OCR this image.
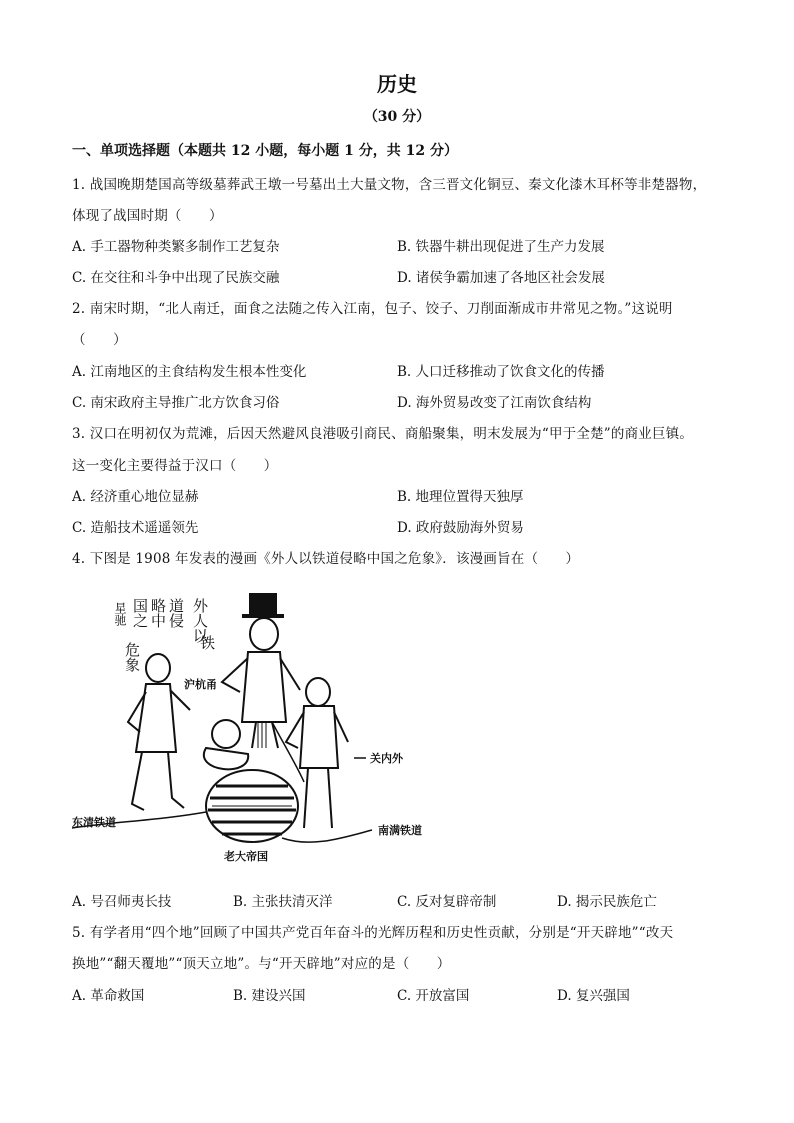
历史
（30 分）
一、单项选择题（本题共 12 小题，每小题 1 分，共 12 分）
1. 战国晚期楚国高等级墓葬武王墩一号墓出土大量文物，含三晋文化铜豆、秦文化漆木耳杯等非楚器物，
体现了战国时期（　　）
A. 手工器物种类繁多制作工艺复杂	B. 铁器牛耕出现促进了生产力发展
C. 在交往和斗争中出现了民族交融	D. 诸侯争霸加速了各地区社会发展
2. 南宋时期，“北人南迁，面食之法随之传入江南，包子、饺子、刀削面渐成市井常见之物。”这说明
（　　）
A. 江南地区的主食结构发生根本性变化	B. 人口迁移推动了饮食文化的传播
C. 南宋政府主导推广北方饮食习俗	D. 海外贸易改变了江南饮食结构
3. 汉口在明初仅为荒滩，后因天然避风良港吸引商民、商船聚集，明末发展为“甲于全楚”的商业巨镇。
这一变化主要得益于汉口（　　）
A. 经济重心地位显赫	B. 地理位置得天独厚
C. 造船技术遥遥领先	D. 政府鼓励海外贸易
4. 下图是 1908 年发表的漫画《外人以铁道侵略中国之危象》．该漫画旨在（　　）
外人以
铁
道侵
略中
国之
危象
星驰
沪杭甬
关内外
东清铁道
南满铁道
老大帝国
A. 号召师夷长技	B. 主张扶清灭洋	C. 反对复辟帝制	D. 揭示民族危亡
5. 有学者用“四个地”回顾了中国共产党百年奋斗的光辉历程和历史性贡献，分别是“开天辟地”“改天
换地”“翻天覆地”“顶天立地”。与“开天辟地”对应的是（　　）
A. 革命救国	B. 建设兴国	C. 开放富国	D. 复兴强国
